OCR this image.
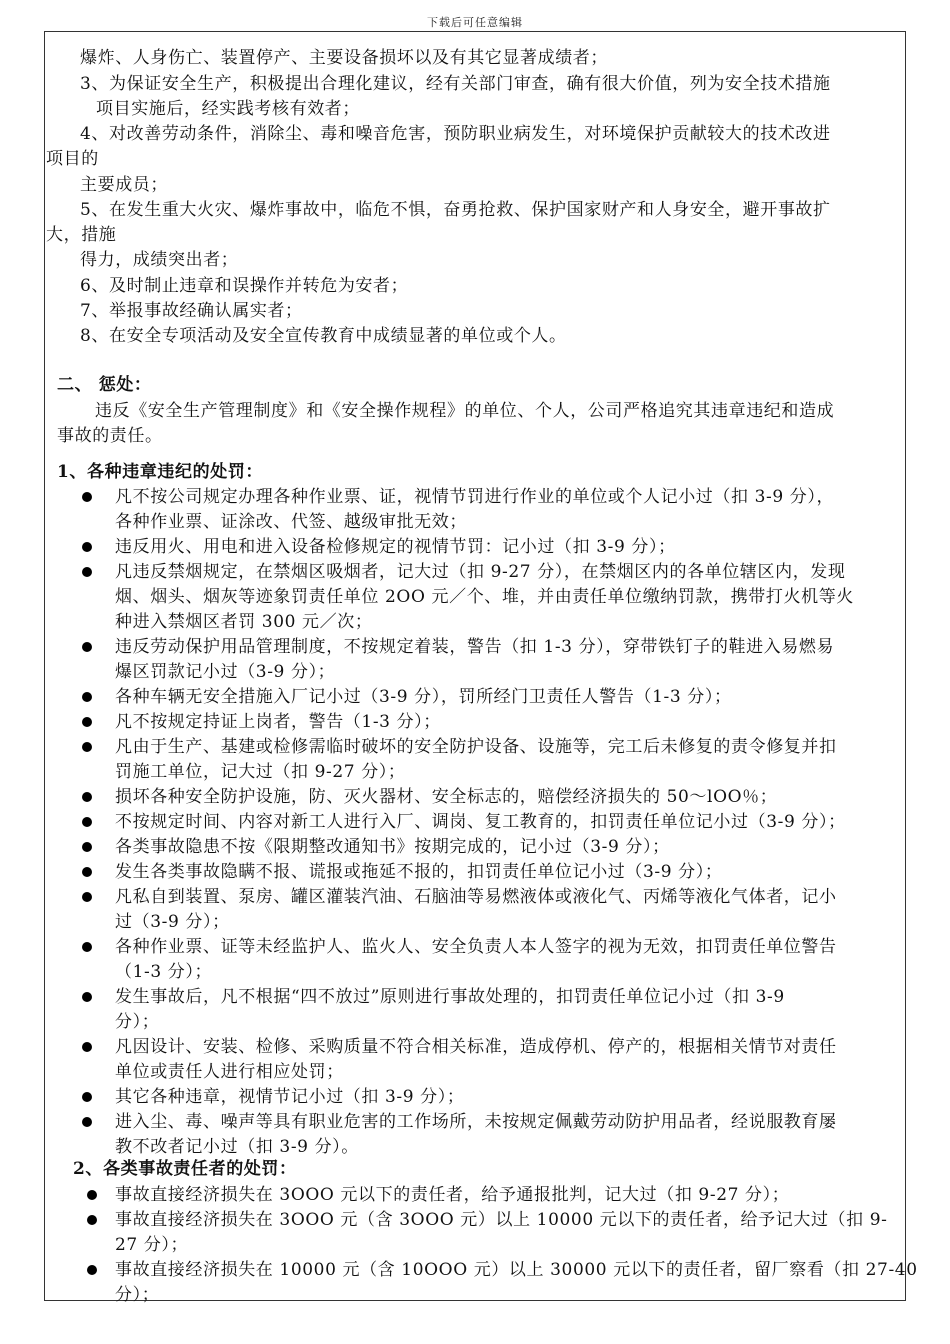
下载后可任意编辑
爆炸、人身伤亡、装置停产、主要设备损坏以及有其它显著成绩者；
3、为保证安全生产，积极提出合理化建议，经有关部门审查，确有很大价值，列为安全技术措施
项目实施后，经实践考核有效者；
4、对改善劳动条件，消除尘、毒和噪音危害，预防职业病发生，对环境保护贡献较大的技术改进
项目的
主要成员；
5、在发生重大火灾、爆炸事故中，临危不惧，奋勇抢救、保护国家财产和人身安全，避开事故扩
大，措施
得力，成绩突出者；
6、及时制止违章和误操作并转危为安者；
7、举报事故经确认属实者；
8、在安全专项活动及安全宣传教育中成绩显著的单位或个人。
二、 惩处：
违反《安全生产管理制度》和《安全操作规程》的单位、个人，公司严格追究其违章违纪和造成
事故的责任。
1、各种违章违纪的处罚：
凡不按公司规定办理各种作业票、证，视情节罚进行作业的单位或个人记小过（扣 3-9 分），
各种作业票、证涂改、代签、越级审批无效；
违反用火、用电和进入设备检修规定的视情节罚：记小过（扣 3-9 分）；
凡违反禁烟规定，在禁烟区吸烟者，记大过（扣 9-27 分），在禁烟区内的各单位辖区内，发现
烟、烟头、烟灰等迹象罚责任单位 2OO 元／个、堆，并由责任单位缴纳罚款，携带打火机等火
种进入禁烟区者罚 300 元／次；
违反劳动保护用品管理制度，不按规定着装，警告（扣 1-3 分），穿带铁钉子的鞋进入易燃易
爆区罚款记小过（3-9 分）；
各种车辆无安全措施入厂记小过（3-9 分），罚所经门卫责任人警告（1-3 分）；
凡不按规定持证上岗者，警告（1-3 分）；
凡由于生产、基建或检修需临时破坏的安全防护设备、设施等，完工后未修复的责令修复并扣
罚施工单位，记大过（扣 9-27 分）；
损坏各种安全防护设施，防、灭火器材、安全标志的，赔偿经济损失的 50～lOO％；
不按规定时间、内容对新工人进行入厂、调岗、复工教育的，扣罚责任单位记小过（3-9 分）；
各类事故隐患不按《限期整改通知书》按期完成的，记小过（3-9 分）；
发生各类事故隐瞒不报、谎报或拖延不报的，扣罚责任单位记小过（3-9 分）；
凡私自到装置、泵房、罐区灌装汽油、石脑油等易燃液体或液化气、丙烯等液化气体者，记小
过（3-9 分）；
各种作业票、证等未经监护人、监火人、安全负责人本人签字的视为无效，扣罚责任单位警告
（1-3 分）；
发生事故后，凡不根据“四不放过”原则进行事故处理的，扣罚责任单位记小过（扣 3-9
分）；
凡因设计、安装、检修、采购质量不符合相关标准，造成停机、停产的，根据相关情节对责任
单位或责任人进行相应处罚；
其它各种违章，视情节记小过（扣 3-9 分）；
进入尘、毒、噪声等具有职业危害的工作场所，未按规定佩戴劳动防护用品者，经说服教育屡
教不改者记小过（扣 3-9 分）。
2、各类事故责任者的处罚：
事故直接经济损失在 3OOO 元以下的责任者，给予通报批判，记大过（扣 9-27 分）；
事故直接经济损失在 3OOO 元（含 3OOO 元）以上 10000 元以下的责任者，给予记大过（扣 9-
27 分）；
事故直接经济损失在 10000 元（含 10OOO 元）以上 30000 元以下的责任者，留厂察看（扣 27-40
分）；
